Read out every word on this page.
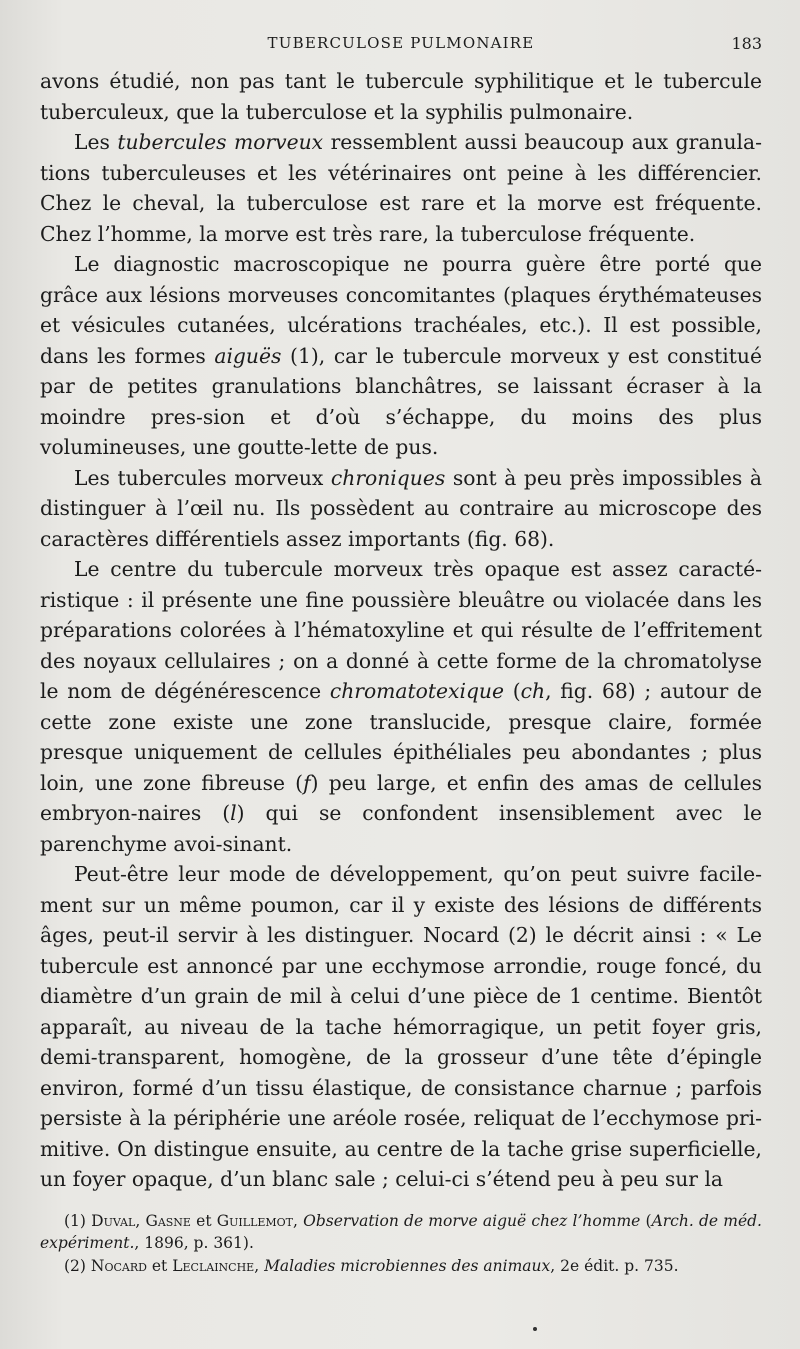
TUBERCULOSE PULMONAIRE	183

avons étudié, non pas tant le tubercule syphilitique et le tubercule tuberculeux, que la tuberculose et la syphilis pulmonaire.

Les tubercules morveux ressemblent aussi beaucoup aux granula-tions tuberculeuses et les vétérinaires ont peine à les différencier. Chez le cheval, la tuberculose est rare et la morve est fréquente. Chez l’homme, la morve est très rare, la tuberculose fréquente.

Le diagnostic macroscopique ne pourra guère être porté que grâce aux lésions morveuses concomitantes (plaques érythémateuses et vésicules cutanées, ulcérations trachéales, etc.). Il est possible, dans les formes aiguës (1), car le tubercule morveux y est constitué par de petites granulations blanchâtres, se laissant écraser à la moindre pres-sion et d’où s’échappe, du moins des plus volumineuses, une goutte-lette de pus.

Les tubercules morveux chroniques sont à peu près impossibles à distinguer à l’œil nu. Ils possèdent au contraire au microscope des caractères différentiels assez importants (fig. 68).

Le centre du tubercule morveux très opaque est assez caracté-ristique : il présente une fine poussière bleuâtre ou violacée dans les préparations colorées à l’hématoxyline et qui résulte de l’effritement des noyaux cellulaires ; on a donné à cette forme de la chromatolyse le nom de dégénérescence chromatotexique (ch, fig. 68) ; autour de cette zone existe une zone translucide, presque claire, formée presque uniquement de cellules épithéliales peu abondantes ; plus loin, une zone fibreuse (f) peu large, et enfin des amas de cellules embryon-naires (l) qui se confondent insensiblement avec le parenchyme avoi-sinant.

Peut-être leur mode de développement, qu’on peut suivre facile-ment sur un même poumon, car il y existe des lésions de différents âges, peut-il servir à les distinguer. Nocard (2) le décrit ainsi : « Le tubercule est annoncé par une ecchymose arrondie, rouge foncé, du diamètre d’un grain de mil à celui d’une pièce de 1 centime. Bientôt apparaît, au niveau de la tache hémorragique, un petit foyer gris, demi-transparent, homogène, de la grosseur d’une tête d’épingle environ, formé d’un tissu élastique, de consistance charnue ; parfois persiste à la périphérie une aréole rosée, reliquat de l’ecchymose pri-mitive. On distingue ensuite, au centre de la tache grise superficielle, un foyer opaque, d’un blanc sale ; celui-ci s’étend peu à peu sur la

(1) Duval, Gasne et Guillemot, Observation de morve aiguë chez l’homme (Arch. de méd. expériment., 1896, p. 361).

(2) Nocard et Leclainche, Maladies microbiennes des animaux, 2e édit. p. 735.
